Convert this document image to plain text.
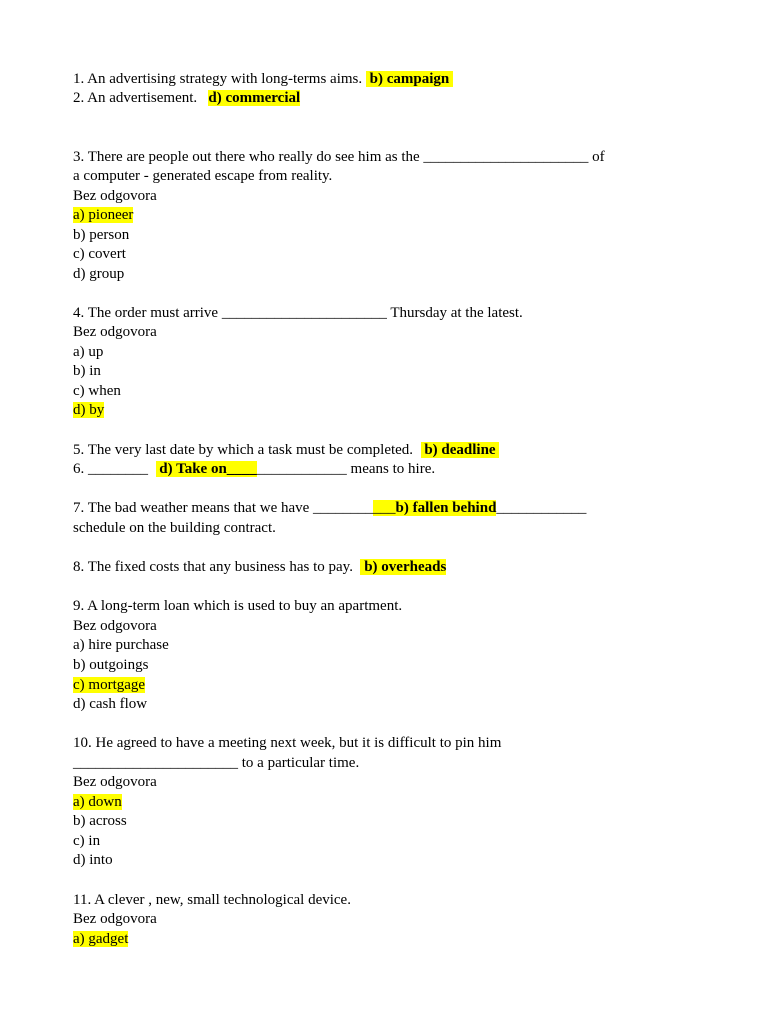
1. An advertising strategy with long-terms aims.  b) campaign
2. An advertisement.   d) commercial
3. There are people out there who really do see him as the ______________________ of
a computer - generated escape from reality.
Bez odgovora
a) pioneer
b) person
c) covert
d) group
4. The order must arrive ______________________ Thursday at the latest.
Bez odgovora
a) up
b) in
c) when
d) by
5. The very last date by which a task must be completed.   b) deadline
6. ________   d) Take on________________ means to hire.
7. The bad weather means that we have ___________b) fallen behind____________
schedule on the building contract.
8. The fixed costs that any business has to pay.   b) overheads
9. A long-term loan which is used to buy an apartment.
Bez odgovora
a) hire purchase
b) outgoings
c) mortgage
d) cash flow
10. He agreed to have a meeting next week, but it is difficult to pin him
______________________ to a particular time.
Bez odgovora
a) down
b) across
c) in
d) into
11. A clever , new, small technological device.
Bez odgovora
a) gadget
